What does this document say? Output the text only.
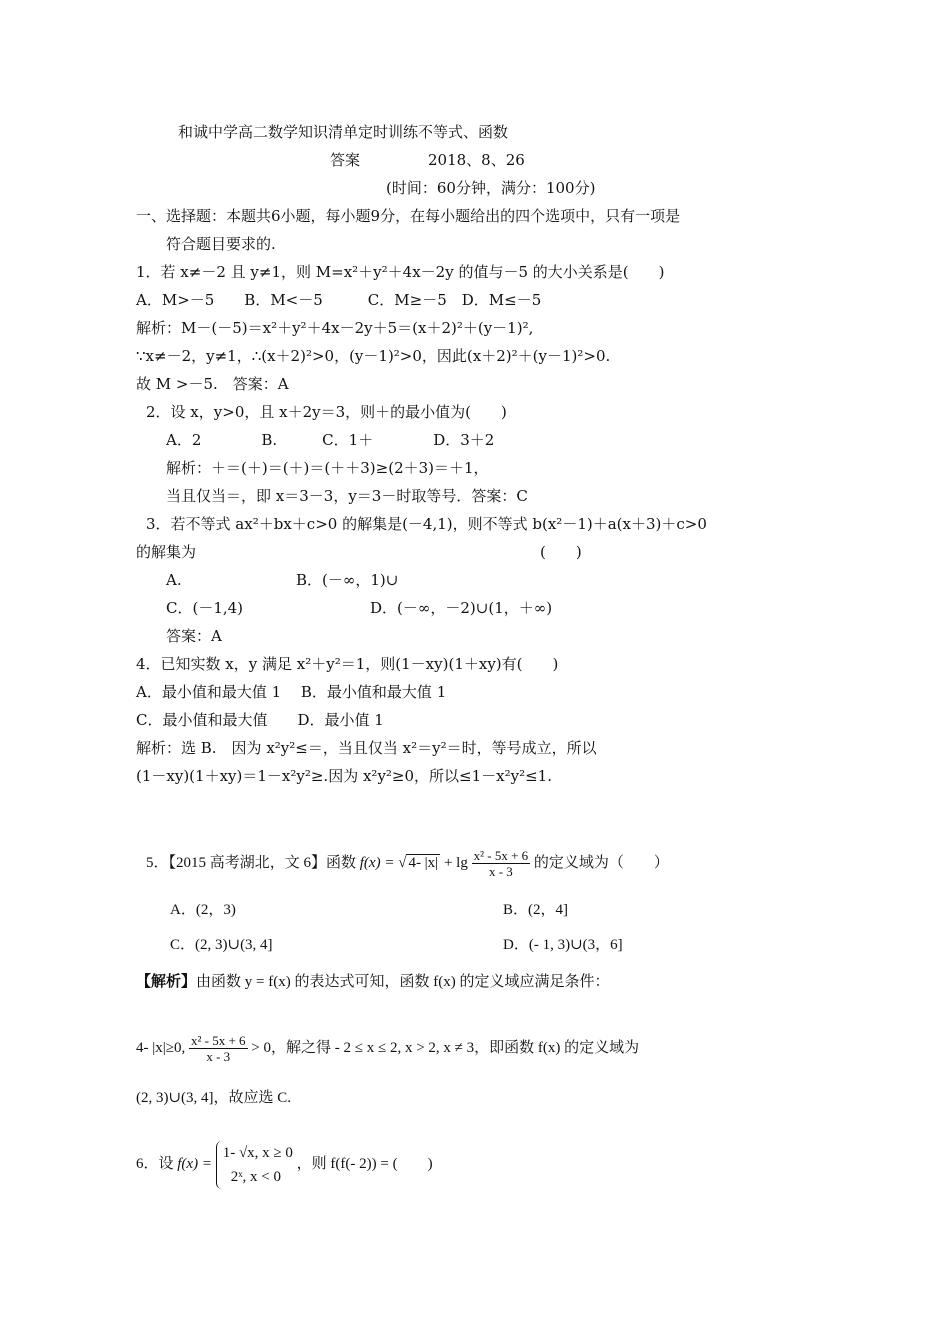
和诚中学高二数学知识清单定时训练不等式、函数
答案	2018、8、26
(时间：60分钟，满分：100分)
一、选择题：本题共6小题，每小题9分，在每小题给出的四个选项中，只有一项是
符合题目要求的.
1．若 x≠－2 且 y≠1，则 M=x²＋y²＋4x－2y 的值与－5 的大小关系是(　　)
A．M>－5　　B．M<－5　　　C．M≥－5　D．M≤－5
解析：M－(－5)＝x²＋y²＋4x－2y＋5＝(x＋2)²＋(y－1)²,
∵x≠－2，y≠1，∴(x＋2)²>0，(y－1)²>0，因此(x＋2)²＋(y－1)²>0.
故 M >－5.　答案：A
2．设 x，y>0，且 x＋2y＝3，则＋的最小值为(　　)
A．2　　　　B.　　　C．1＋　　　　D．3＋2
解析：＋＝(＋)＝(＋)＝(＋＋3)≥(2＋3)＝＋1，
当且仅当＝，即 x＝3－3，y＝3－时取等号．答案：C
3．若不等式 ax²＋bx＋c>0 的解集是(－4,1)，则不等式 b(x²－1)＋a(x＋3)＋c>0
的解集为	(　　)
A.	B．(－∞，1)∪
C．(－1,4)	D．(－∞，－2)∪(1，＋∞)
答案：A
4．已知实数 x，y 满足 x²＋y²＝1，则(1－xy)(1＋xy)有(　　)
A．最小值和最大值 1　 B．最小值和最大值 1
C．最小值和最大值　　D．最小值 1
解析：选 B.　因为 x²y²≤＝，当且仅当 x²＝y²＝时，等号成立，所以
(1－xy)(1＋xy)＝1－x²y²≥.因为 x²y²≥0，所以≤1－x²y²≤1.
5．【2015 高考湖北，文 6】函数 f(x) = √ 4- $|x| + \lg \frac{\text{x² - 5x + 6}}{x - 3}$ 的定义域为（　　）
A．(2，3)	B．(2，4]
C．(2, 3)∪(3, 4]	D．(- 1, 3)∪(3，6]
【解析】由函数 y = f(x) 的表达式可知，函数 f(x) 的定义域应满足条件：
4- |x|≥0, $\frac{\text{x² - 5x + 6}}{x - 3} > 0$，解之得 - 2 ≤ x ≤ 2, x > 2, x ≠ 3，即函数 f(x) 的定义域为
(2, 3)∪(3, 4]，故应选 C.
6．设 f(x) =
1- √x, x ≥ 0
2ˣ, x < 0
，则 f(f(- 2)) = (　　)
